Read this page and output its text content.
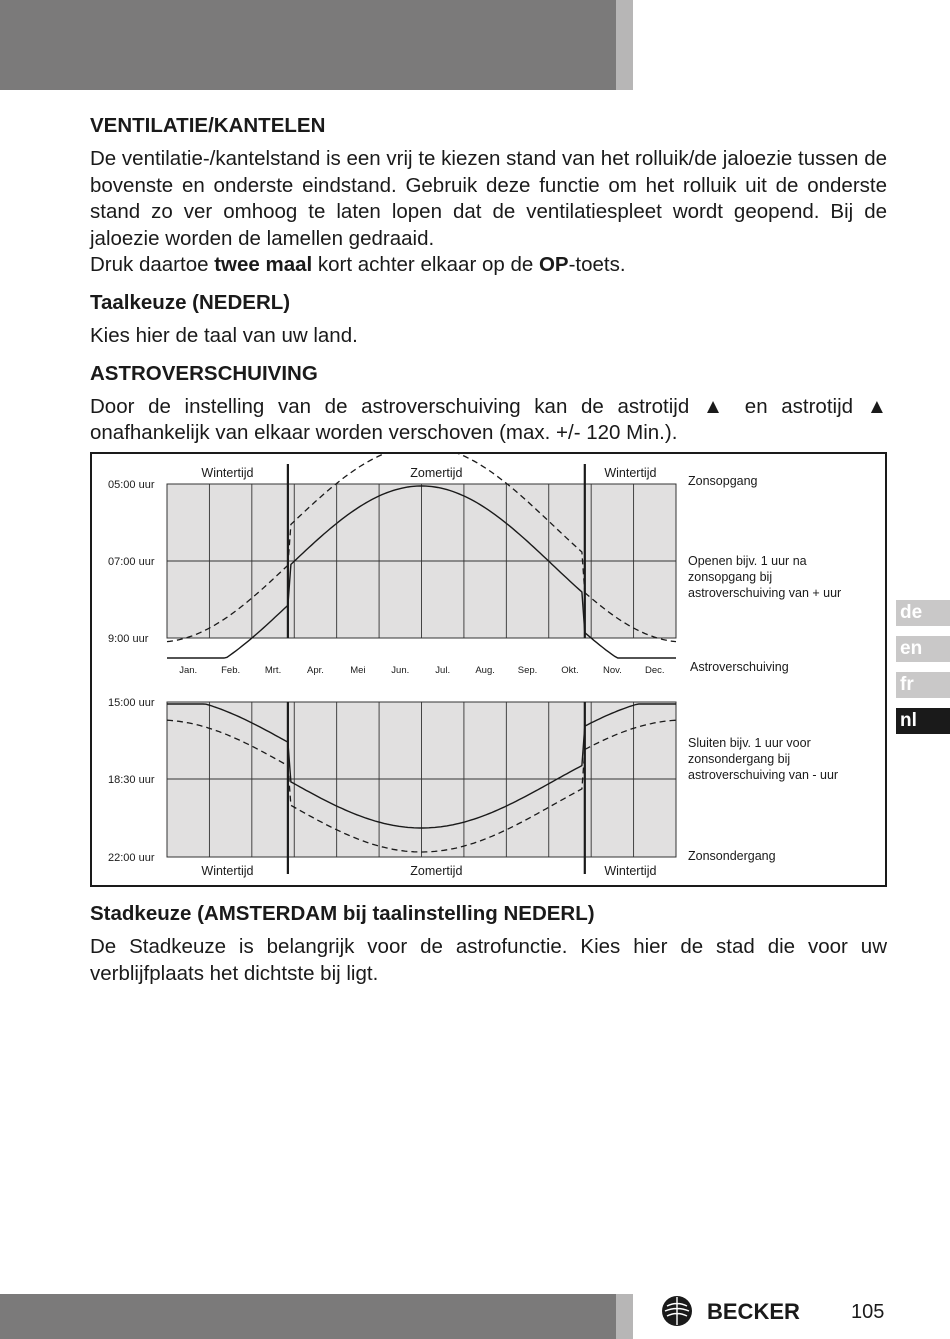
VENTILATIE/KANTELEN

De ventilatie-/kantelstand is een vrij te kiezen stand van het rolluik/de jaloezie tussen de bovenste en onderste eindstand. Gebruik deze functie om het rolluik uit de onderste stand zo ver omhoog te laten lopen dat de ventilatiespleet wordt geopend. Bij de jaloezie worden de lamellen gedraaid.

Druk daartoe twee maal kort achter elkaar op de OP-toets.

Taalkeuze (NEDERL)

Kies hier de taal van uw land.

ASTROVERSCHUIVING

Door de instelling van de astroverschuiving kan de astrotijd ▲ en astrotijd ▲ onafhankelijk van elkaar worden verschoven (max. +/- 120 Min.).

05:00 uur
07:00 uur
9:00 uur
15:00 uur
18:30 uur
22:00 uur
Jan.	Feb.	Mrt.	Apr.	Mei	Jun.	Jul.	Aug. Sep.	Okt.	Nov. Dec.
Wintertijd	Zomertijd	Wintertijd
Wintertijd	Zomertijd	Wintertijd
Zonsopgang
Openen bijv. 1 uur na zonsopgang bij astroverschuiving van + uur
Astroverschuiving
Sluiten bijv. 1 uur voor zonsondergang bij astroverschuiving van - uur
Zonsondergang
Stadkeuze (AMSTERDAM bij taalinstelling NEDERL)

De Stadkeuze is belangrijk voor de astrofunctie. Kies hier de stad die voor uw verblijfplaats het dichtste bij ligt.

de
en
fr
nl
BECKER	105
